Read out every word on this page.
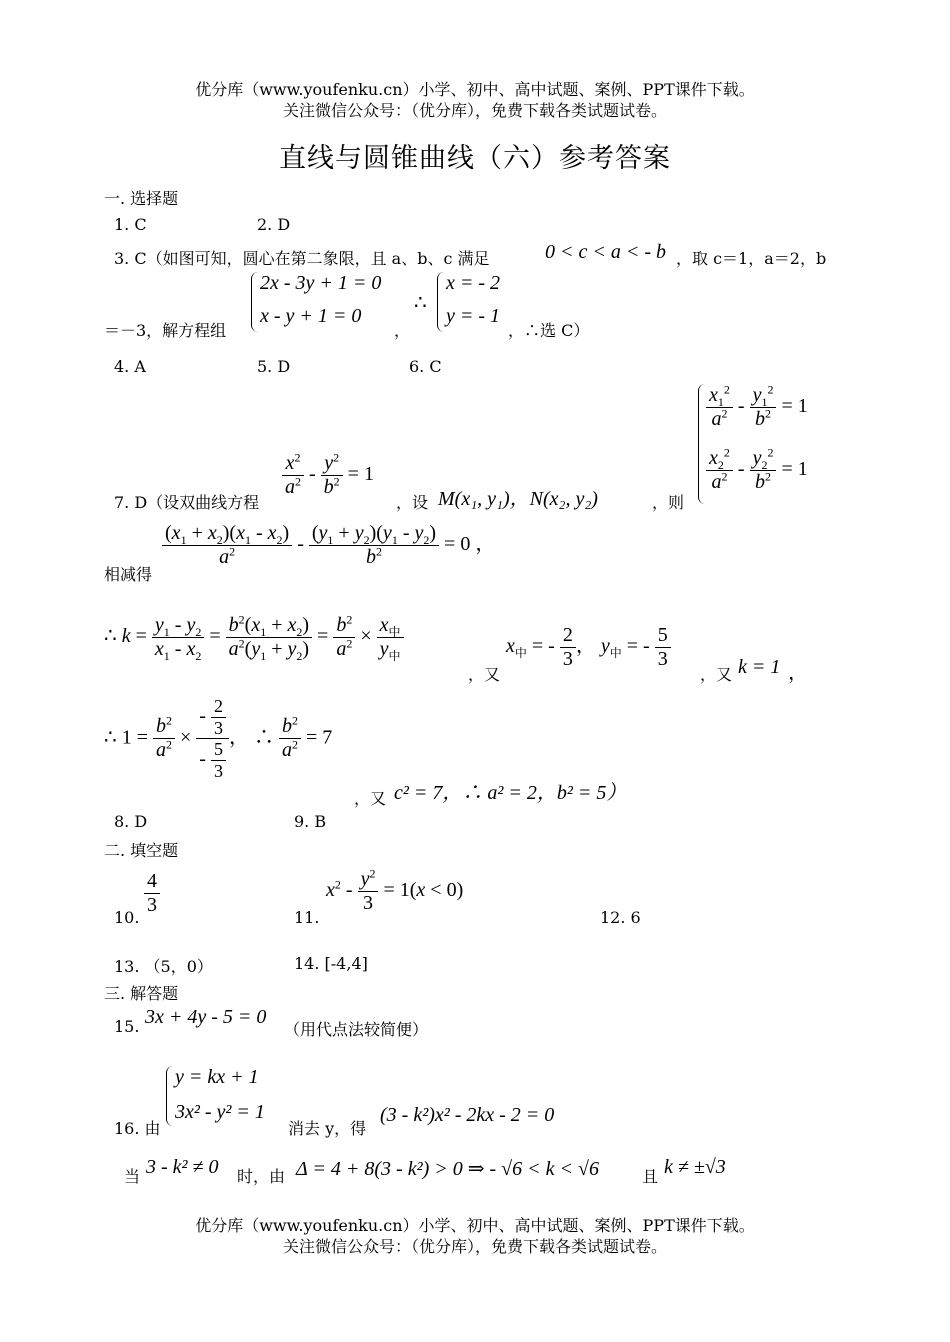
优分库（www.youfenku.cn）小学、初中、高中试题、案例、PPT课件下载。
关注微信公众号：（优分库），免费下载各类试题试卷。
直线与圆锥曲线（六）参考答案
一. 选择题
1. C	2. D
3. C（如图可知，圆心在第二象限，且 a、b、c 满足	0 < c < a < - b ，取 c＝1，a＝2，b
＝－3，解方程组
2x - 3y + 1 = 0
x - y + 1 = 0
，
∴
x = - 2
y = - 1
，∴选 C）
4. A	5. D	6. C
$\frac{x_1^2}{a^2} - \frac{y_1^2}{b^2} = 1$
$\frac{x_2^2}{a^2} - \frac{y_2^2}{b^2} = 1$
7. D（设双曲线方程
$\frac{x^2}{a^2} - \frac{y^2}{b^2} = 1$
，设 M(x₁, y₁)，N(x₂, y₂)	，则
相减得
$\frac{(x_1 + x_2)(x_1 - x_2)}{a^2} - \frac{(y_1 + y_2)(y_1 - y_2)}{b^2} = 0$ ，
∴ $k = \frac{y_1 - y_2}{x_1 - x_2} = \frac{b^2(x_1 + x_2)}{a^2(y_1 + y_2)} = \frac{b^2}{a^2} \times \frac{x_中}{y_中}$
，又
$x_中$ = - $\frac{2}{3}$ ， $y_中$ = - $\frac{5}{3}$
，又 k = 1 ，
∴ $1 = \frac{b^2}{a^2} \times \frac{- \frac{2}{3}}{- \frac{5}{3}}$ ， ∴ $\frac{b^2}{a^2} = 7$
，又 c² = 7，∴ a² = 2，b² = 5）
8. D	9. B
二. 填空题
10.
$\frac{4}{3}$
11.
$x^2 - \frac{y^2}{3} = 1(x < 0)$
12. 6
13. （5，0）	14. [-4,4]
三. 解答题
15. 3x + 4y - 5 = 0
（用代点法较简便）
16. 由
y = kx + 1
3x² - y² = 1
消去 y，得
(3 - k²)x² - 2kx - 2 = 0
当 3 - k² ≠ 0 时，由 Δ = 4 + 8(3 - k²) > 0 ⇒ - √6 < k < √6	且 k ≠ ±√3
优分库（www.youfenku.cn）小学、初中、高中试题、案例、PPT课件下载。
关注微信公众号：（优分库），免费下载各类试题试卷。
